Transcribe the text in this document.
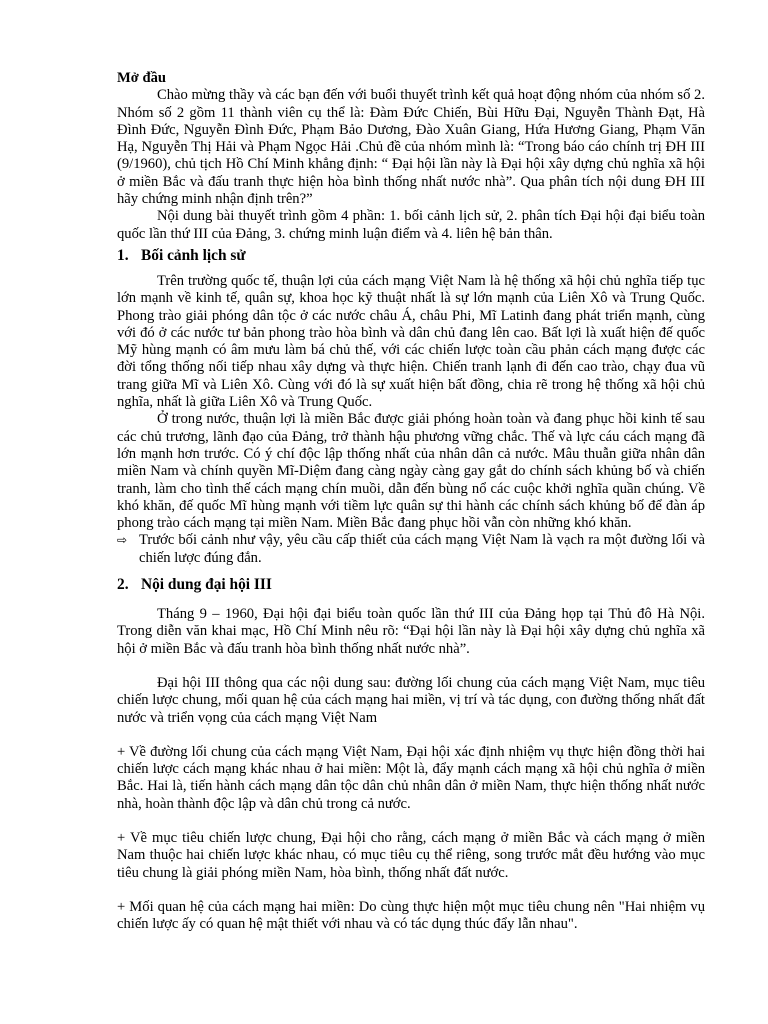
Mở đầu

Chào mừng thầy và các bạn đến với buổi thuyết trình kết quả hoạt động nhóm của nhóm số 2. Nhóm số 2 gồm 11 thành viên cụ thể là: Đàm Đức Chiến, Bùi Hữu Đại, Nguyễn Thành Đạt, Hà Đình Đức, Nguyễn Đình Đức, Phạm Bảo Dương, Đào Xuân Giang, Hứa Hương Giang, Phạm Văn Hạ, Nguyễn Thị Hải và Phạm Ngọc Hải .Chủ đề của nhóm mình là: “Trong báo cáo chính trị ĐH III (9/1960), chủ tịch Hồ Chí Minh khẳng định: “ Đại hội lần này là Đại hội xây dựng chủ nghĩa xã hội ở miền Bắc và đấu tranh thực hiện hòa bình thống nhất nước nhà”. Qua phân tích nội dung ĐH III hãy chứng minh nhận định trên?”

Nội dung bài thuyết trình gồm 4 phần: 1. bối cảnh lịch sử, 2. phân tích Đại hội đại biểu toàn quốc lần thứ III của Đảng, 3. chứng minh luận điểm và 4. liên hệ bản thân.

1. Bối cảnh lịch sử

Trên trường quốc tế, thuận lợi của cách mạng Việt Nam là hệ thống xã hội chủ nghĩa tiếp tục lớn mạnh về kinh tế, quân sự, khoa học kỹ thuật nhất là sự lớn mạnh của Liên Xô và Trung Quốc. Phong trào giải phóng dân tộc ở các nước châu Á, châu Phi, Mĩ Latinh đang phát triển mạnh, cùng với đó ở các nước tư bản phong trào hòa bình và dân chủ đang lên cao. Bất lợi là xuất hiện đế quốc Mỹ hùng mạnh có âm mưu làm bá chủ thế, với các chiến lược toàn cầu phản cách mạng được các đời tổng thống nối tiếp nhau xây dựng và thực hiện. Chiến tranh lạnh đi đến cao trào, chạy đua vũ trang giữa Mĩ và Liên Xô. Cùng với đó là sự xuất hiện bất đồng, chia rẽ trong hệ thống xã hội chủ nghĩa, nhất là giữa Liên Xô và Trung Quốc.

Ở trong nước, thuận lợi là miền Bắc được giải phóng hoàn toàn và đang phục hồi kinh tế sau các chủ trương, lãnh đạo của Đảng, trở thành hậu phương vững chắc. Thế và lực cáu cách mạng đã lớn mạnh hơn trước. Có ý chí độc lập thống nhất của nhân dân cả nước. Mâu thuẫn giữa nhân dân miền Nam và chính quyền Mĩ-Diệm đang càng ngày càng gay gắt do chính sách khủng bố và chiến tranh, làm cho tình thế cách mạng chín muồi, dẫn đến bùng nổ các cuộc khởi nghĩa quần chúng. Về khó khăn, đế quốc Mĩ hùng mạnh với tiềm lực quân sự thi hành các chính sách khủng bố để đàn áp phong trào cách mạng tại miền Nam. Miền Bắc đang phục hồi vẫn còn những khó khăn.

⇨ Trước bối cảnh như vậy, yêu cầu cấp thiết của cách mạng Việt Nam là vạch ra một đường lối và chiến lược đúng đắn.
2. Nội dung đại hội III

Tháng 9 – 1960, Đại hội đại biểu toàn quốc lần thứ III của Đảng họp tại Thủ đô Hà Nội. Trong diễn văn khai mạc, Hồ Chí Minh nêu rõ: “Đại hội lần này là Đại hội xây dựng chủ nghĩa xã hội ở miền Bắc và đấu tranh hòa bình thống nhất nước nhà”.

Đại hội III thông qua các nội dung sau: đường lối chung của cách mạng Việt Nam, mục tiêu chiến lược chung, mối quan hệ của cách mạng hai miền, vị trí và tác dụng, con đường thống nhất đất nước và triển vọng của cách mạng Việt Nam

+ Về đường lối chung của cách mạng Việt Nam, Đại hội xác định nhiệm vụ thực hiện đồng thời hai chiến lược cách mạng khác nhau ở hai miền: Một là, đẩy mạnh cách mạng xã hội chủ nghĩa ở miền Bắc. Hai là, tiến hành cách mạng dân tộc dân chủ nhân dân ở miền Nam, thực hiện thống nhất nước nhà, hoàn thành độc lập và dân chủ trong cả nước.

+ Về mục tiêu chiến lược chung, Đại hội cho rằng, cách mạng ở miền Bắc và cách mạng ở miền Nam thuộc hai chiến lược khác nhau, có mục tiêu cụ thể riêng, song trước mắt đều hướng vào mục tiêu chung là giải phóng miền Nam, hòa bình, thống nhất đất nước.

+ Mối quan hệ của cách mạng hai miền: Do cùng thực hiện một mục tiêu chung nên "Hai nhiệm vụ chiến lược ấy có quan hệ mật thiết với nhau và có tác dụng thúc đẩy lẫn nhau".
